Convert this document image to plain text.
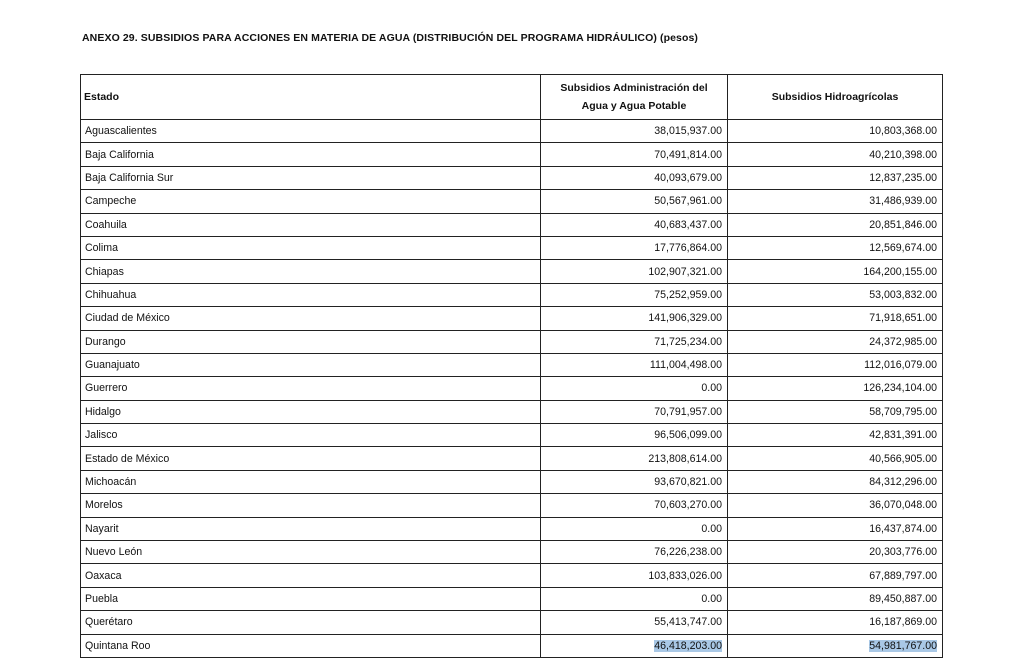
ANEXO 29. SUBSIDIOS PARA ACCIONES EN MATERIA DE AGUA (DISTRIBUCIÓN DEL PROGRAMA HIDRÁULICO) (pesos)
Estado	Subsidios Administración del Agua y Agua Potable	Subsidios Hidroagrícolas
Aguascalientes	38,015,937.00	10,803,368.00
Baja California	70,491,814.00	40,210,398.00
Baja California Sur	40,093,679.00	12,837,235.00
Campeche	50,567,961.00	31,486,939.00
Coahuila	40,683,437.00	20,851,846.00
Colima	17,776,864.00	12,569,674.00
Chiapas	102,907,321.00	164,200,155.00
Chihuahua	75,252,959.00	53,003,832.00
Ciudad de México	141,906,329.00	71,918,651.00
Durango	71,725,234.00	24,372,985.00
Guanajuato	111,004,498.00	112,016,079.00
Guerrero	0.00	126,234,104.00
Hidalgo	70,791,957.00	58,709,795.00
Jalisco	96,506,099.00	42,831,391.00
Estado de México	213,808,614.00	40,566,905.00
Michoacán	93,670,821.00	84,312,296.00
Morelos	70,603,270.00	36,070,048.00
Nayarit	0.00	16,437,874.00
Nuevo León	76,226,238.00	20,303,776.00
Oaxaca	103,833,026.00	67,889,797.00
Puebla	0.00	89,450,887.00
Querétaro	55,413,747.00	16,187,869.00
Quintana Roo	46,418,203.00	54,981,767.00
